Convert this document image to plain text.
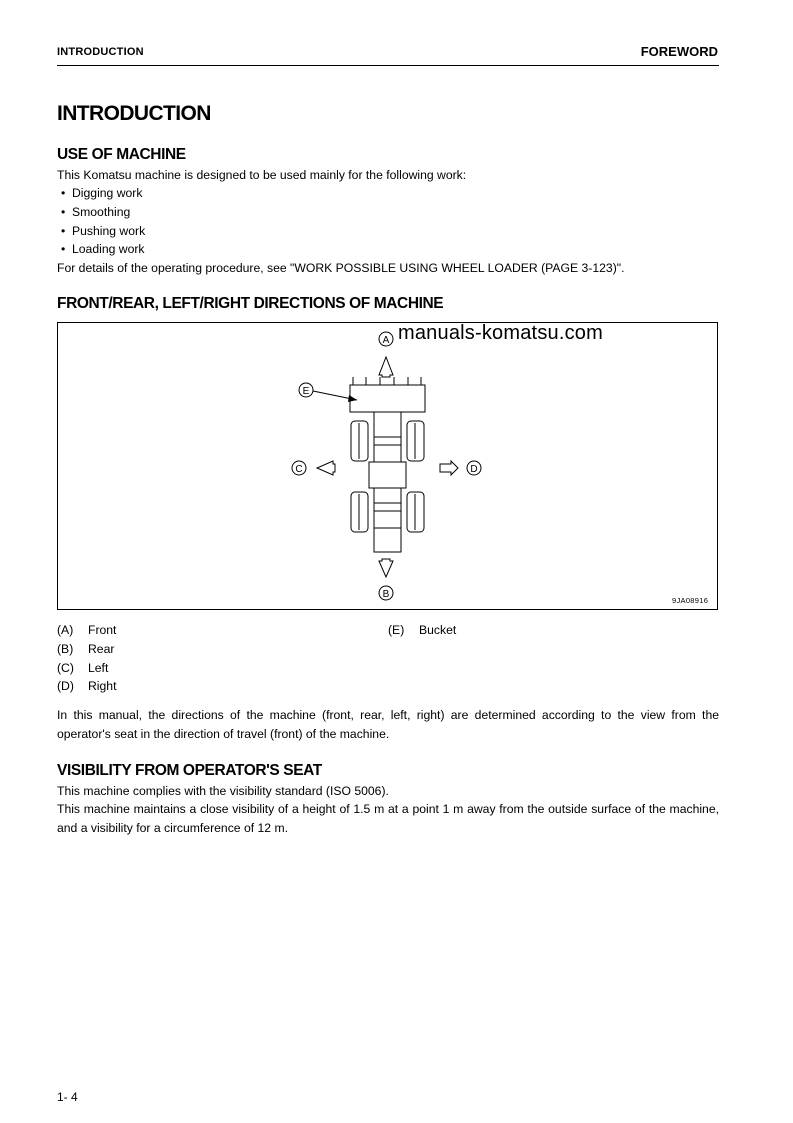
INTRODUCTION	FOREWORD
INTRODUCTION
USE OF MACHINE
This Komatsu machine is designed to be used mainly for the following work:
• Digging work
• Smoothing
• Pushing work
• Loading work
For details of the operating procedure, see "WORK POSSIBLE USING WHEEL LOADER (PAGE 3-123)".
FRONT/REAR, LEFT/RIGHT DIRECTIONS OF MACHINE
A
B
C	D
E
manuals-komatsu.com
9JA08916
(A) Front
(B) Rear
(C) Left
(D) Right
(E) Bucket
In this manual, the directions of the machine (front, rear, left, right) are determined according to the view from the operator's seat in the direction of travel (front) of the machine.
VISIBILITY FROM OPERATOR'S SEAT
This machine complies with the visibility standard (ISO 5006).
This machine maintains a close visibility of a height of 1.5 m at a point 1 m away from the outside surface of the machine, and a visibility for a circumference of 12 m.
1- 4
